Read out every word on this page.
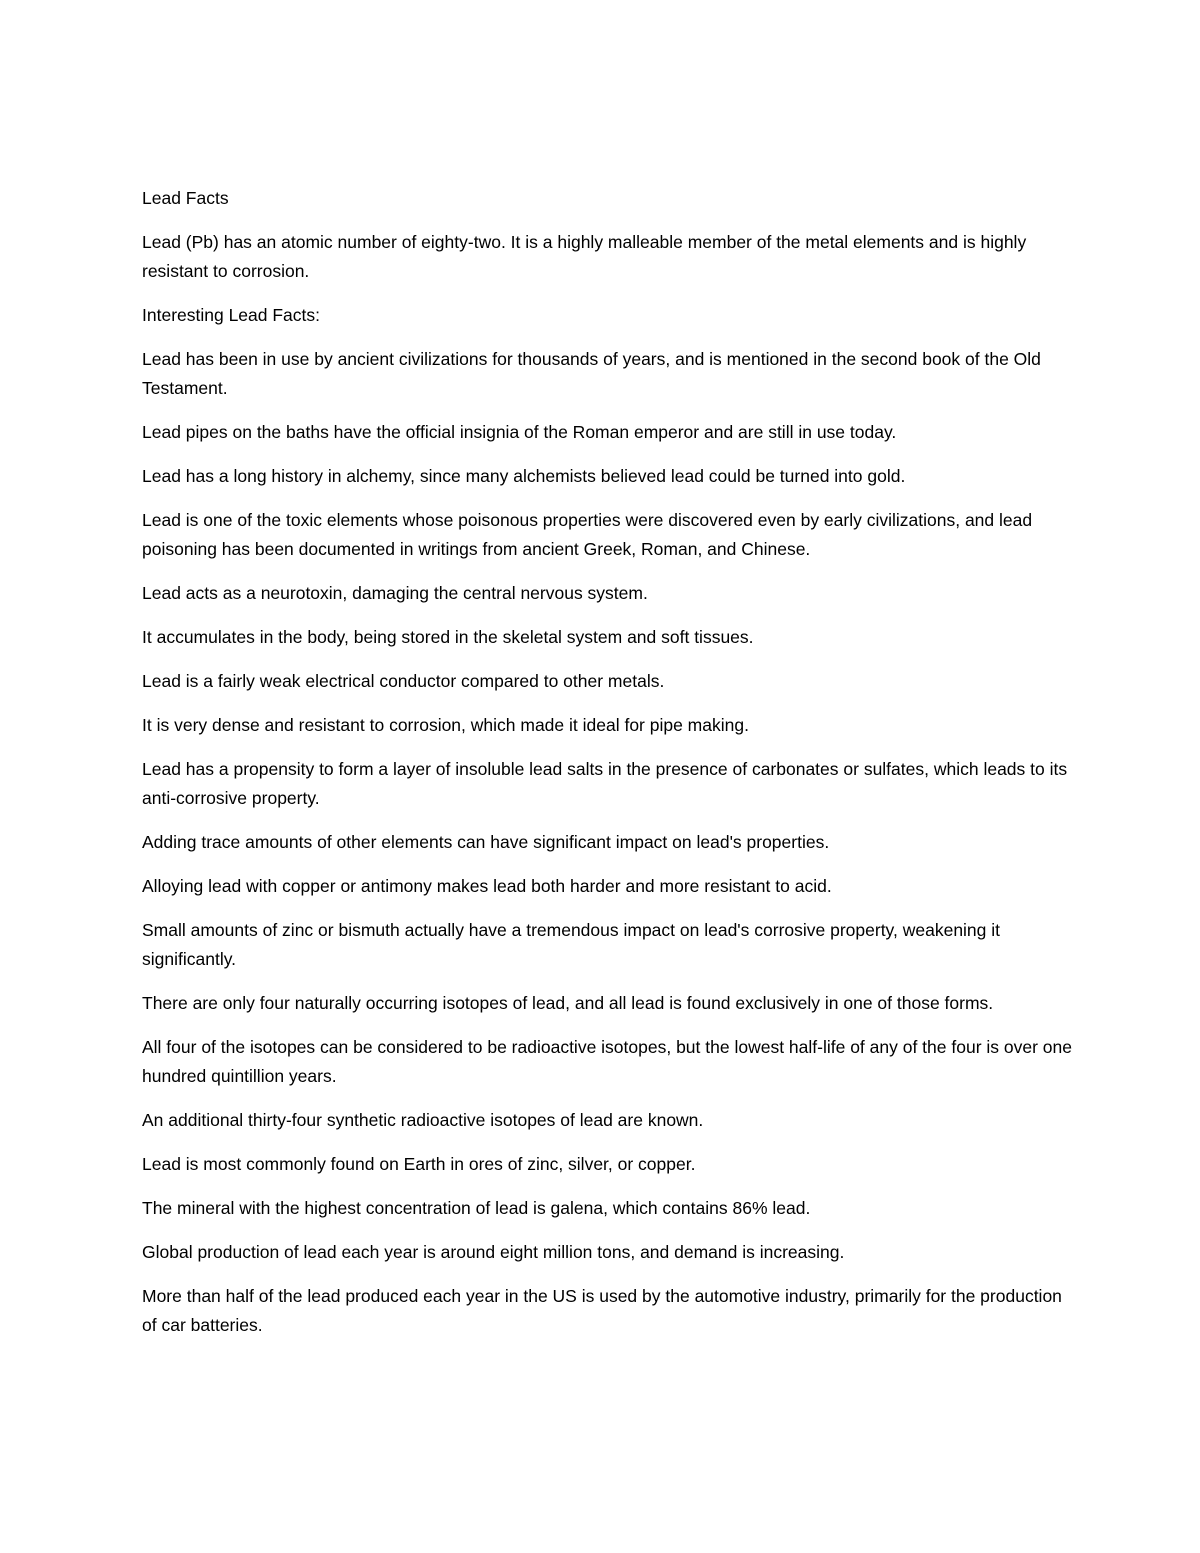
Lead Facts

Lead (Pb) has an atomic number of eighty-two. It is a highly malleable member of the metal elements and is highly resistant to corrosion.

Interesting Lead Facts:

Lead has been in use by ancient civilizations for thousands of years, and is mentioned in the second book of the Old Testament.

Lead pipes on the baths have the official insignia of the Roman emperor and are still in use today.

Lead has a long history in alchemy, since many alchemists believed lead could be turned into gold.

Lead is one of the toxic elements whose poisonous properties were discovered even by early civilizations, and lead poisoning has been documented in writings from ancient Greek, Roman, and Chinese.

Lead acts as a neurotoxin, damaging the central nervous system.

It accumulates in the body, being stored in the skeletal system and soft tissues.

Lead is a fairly weak electrical conductor compared to other metals.

It is very dense and resistant to corrosion, which made it ideal for pipe making.

Lead has a propensity to form a layer of insoluble lead salts in the presence of carbonates or sulfates, which leads to its anti-corrosive property.

Adding trace amounts of other elements can have significant impact on lead's properties.

Alloying lead with copper or antimony makes lead both harder and more resistant to acid.

Small amounts of zinc or bismuth actually have a tremendous impact on lead's corrosive property, weakening it significantly.

There are only four naturally occurring isotopes of lead, and all lead is found exclusively in one of those forms.

All four of the isotopes can be considered to be radioactive isotopes, but the lowest half-life of any of the four is over one hundred quintillion years.

An additional thirty-four synthetic radioactive isotopes of lead are known.

Lead is most commonly found on Earth in ores of zinc, silver, or copper.

The mineral with the highest concentration of lead is galena, which contains 86% lead.

Global production of lead each year is around eight million tons, and demand is increasing.

More than half of the lead produced each year in the US is used by the automotive industry, primarily for the production of car batteries.
